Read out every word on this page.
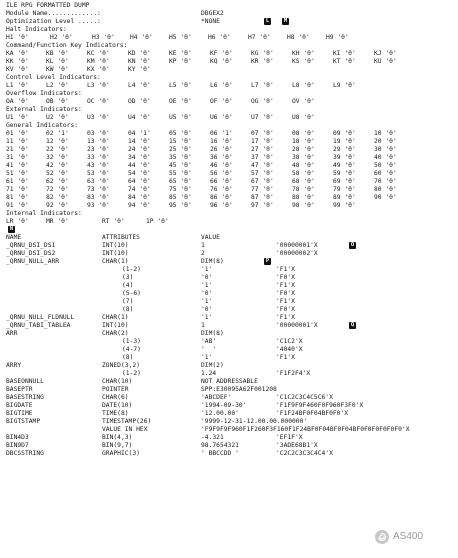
ILE RPG FORMATTED DUMP
Module Name.............:	DBGEX2
Optimization Level .....:	*NONE	L	M
Halt Indicators:
H1 '0'	H2 '0'	H3 '0' H4 '0'	H5 '0'	H6 '0'	H7 '0'	H8 '0'	H9 '0'
Command/Function Key Indicators:
KA '0'	KB '0'	KC '0'	KD '0'	KE '0'	KF '0'	KG '0'	KH '0'	KI '0'	KJ '0'
KK '0'	KL '0'	KM '0'	KN '0'	KP '0'	KQ '0'	KR '0'	KS '0'	KT '0'	KU '0'
KV '0'	KW '0'	KX '0'	KY '0'
Control Level Indicators:
L1 '0'	L2 '0'	L3 '0'	L4 '0'	L5 '0'	L6 '0'	L7 '0'	L8 '0'	L9 '0'
Overflow Indicators:
OA '0'	OB '0'	OC '0'	OD '0'	OE '0'	OF '0'	OG '0'	OV '0'
External Indicators:
U1 '0'	U2 '0'	U3 '0'	U4 '0'	U5 '0'	U6 '0'	U7 '0'	U8 '0'
General Indicators:
01 '0'	02 '1'	03 '0'	04 '1'	05 '0'	06 '1'	07 '0'	08 '0'	09 '0'	10 '0'
11 '0'	12 '0'	13 '0'	14 '0'	15 '0'	16 '0'	17 '0'	18 '0'	19 '0'	20 '0'
21 '0'	22 '0'	23 '0'	24 '0'	25 '0'	26 '0'	27 '0'	28 '0'	29 '0'	30 '0'
31 '0'	32 '0'	33 '0'	34 '0'	35 '0'	36 '0'	37 '0'	38 '0'	39 '0'	40 '0'
41 '0'	42 '0'	43 '0'	44 '0'	45 '0'	46 '0'	47 '0'	48 '0'	49 '0'	50 '0'
51 '0'	52 '0'	53 '0'	54 '0'	55 '0'	56 '0'	57 '0'	58 '0'	59 '0'	60 '0'
61 '0'	62 '0'	63 '0'	64 '0'	65 '0'	66 '0'	67 '0'	68 '0'	69 '0'	70 '0'
71 '0'	72 '0'	73 '0'	74 '0'	75 '0'	76 '0'	77 '0'	78 '0'	79 '0'	80 '0'
81 '0'	82 '0'	83 '0'	84 '0'	85 '0'	86 '0'	87 '0'	88 '0'	89 '0'	90 '0'
91 '0'	92 '0'	93 '0'	94 '0'	95 '0'	96 '0'	97 '0'	98 '0'	99 '0'
Internal Indicators:
LR '0'	MR '0'	RT '0'	1P '0'
N
NAME	ATTRIBUTES	VALUE
_QRNU_DSI_DS1	INT(10)	1	'00000001'X	O
_QRNU_DSI_DS2	INT(10)	2	'00000002'X
_QRNU_NULL_ARR	CHAR(1)	DIM(8)	P
(1-2)	'1'	'F1'X
(3)	'0'	'F0'X
(4)	'1'	'F1'X
(5-6)	'0'	'F0'X
(7)	'1'	'F1'X
(8)	'0'	'F0'X
_QRNU_NULL_FLDNULL	CHAR(1)	'1'	'F1'X
_QRNU_TABI_TABLEA	INT(10)	1	'00000001'X	Q
ARR	CHAR(2)	DIM(8)
(1-3)	'AB'	'C1C2'X
(4-7)	'  '	'4040'X
(8)	'1'	'F1'X
ARRY	ZONED(3,2)	DIM(2)
(1-2)	1.24	'F1F2F4'X
BASEONNULL	CHAR(10)	NOT ADDRESSABLE
BASEPTR	POINTER	SPP:E30095A62F001208
BASESTRING	CHAR(6)	'ABCDEF'	'C1C2C3C4C5C6'X
BIGDATE	DATE(10)	'1994-09-30'	'F1F9F9F460F0F960F3F0'X
BIGTIME	TIME(8)	'12.00.00'	'F1F24BF0F04BF0F0'X
BIGTSTAMP	TIMESTAMP(26)	'9999-12-31-12.00.00.000000'
VALUE IN HEX	'F9F9F9F960F1F260F3F160F1F24BF0F04BF0F04BF0F0F0F0F0F0'X
BIN4D3	BIN(4,3)	-4.321	'EF1F'X
BIN9D7	BIN(9,7)	98.7654321	'3ADE68B1'X
DBCSSTRING	GRAPHIC(3)	' BBCCDD '	'C2C2C3C3C4C4'X
AS400
